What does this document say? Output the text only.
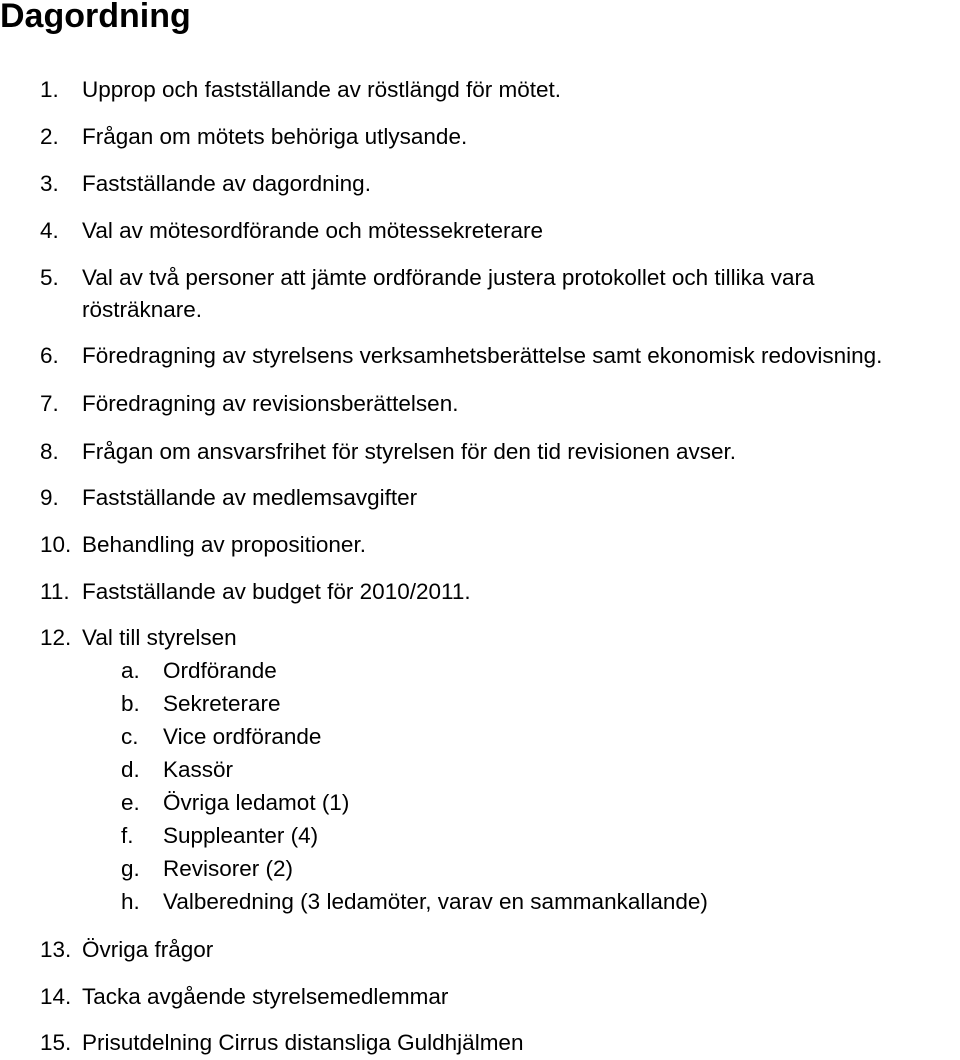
Dagordning
1. Upprop och fastställande av röstlängd för mötet.
2. Frågan om mötets behöriga utlysande.
3. Fastställande av dagordning.
4. Val av mötesordförande och mötessekreterare
5. Val av två personer att jämte ordförande justera protokollet och tillika vara
rösträknare.
6. Föredragning av styrelsens verksamhetsberättelse samt ekonomisk redovisning.
7. Föredragning av revisionsberättelsen.
8. Frågan om ansvarsfrihet för styrelsen för den tid revisionen avser.
9. Fastställande av medlemsavgifter
10. Behandling av propositioner.
11. Fastställande av budget för 2010/2011.
12. Val till styrelsen
a. Ordförande
b. Sekreterare
c. Vice ordförande
d. Kassör
e. Övriga ledamot (1)
f. Suppleanter (4)
g. Revisorer (2)
h. Valberedning (3 ledamöter, varav en sammankallande)
13. Övriga frågor
14. Tacka avgående styrelsemedlemmar
15. Prisutdelning Cirrus distansliga Guldhjälmen
